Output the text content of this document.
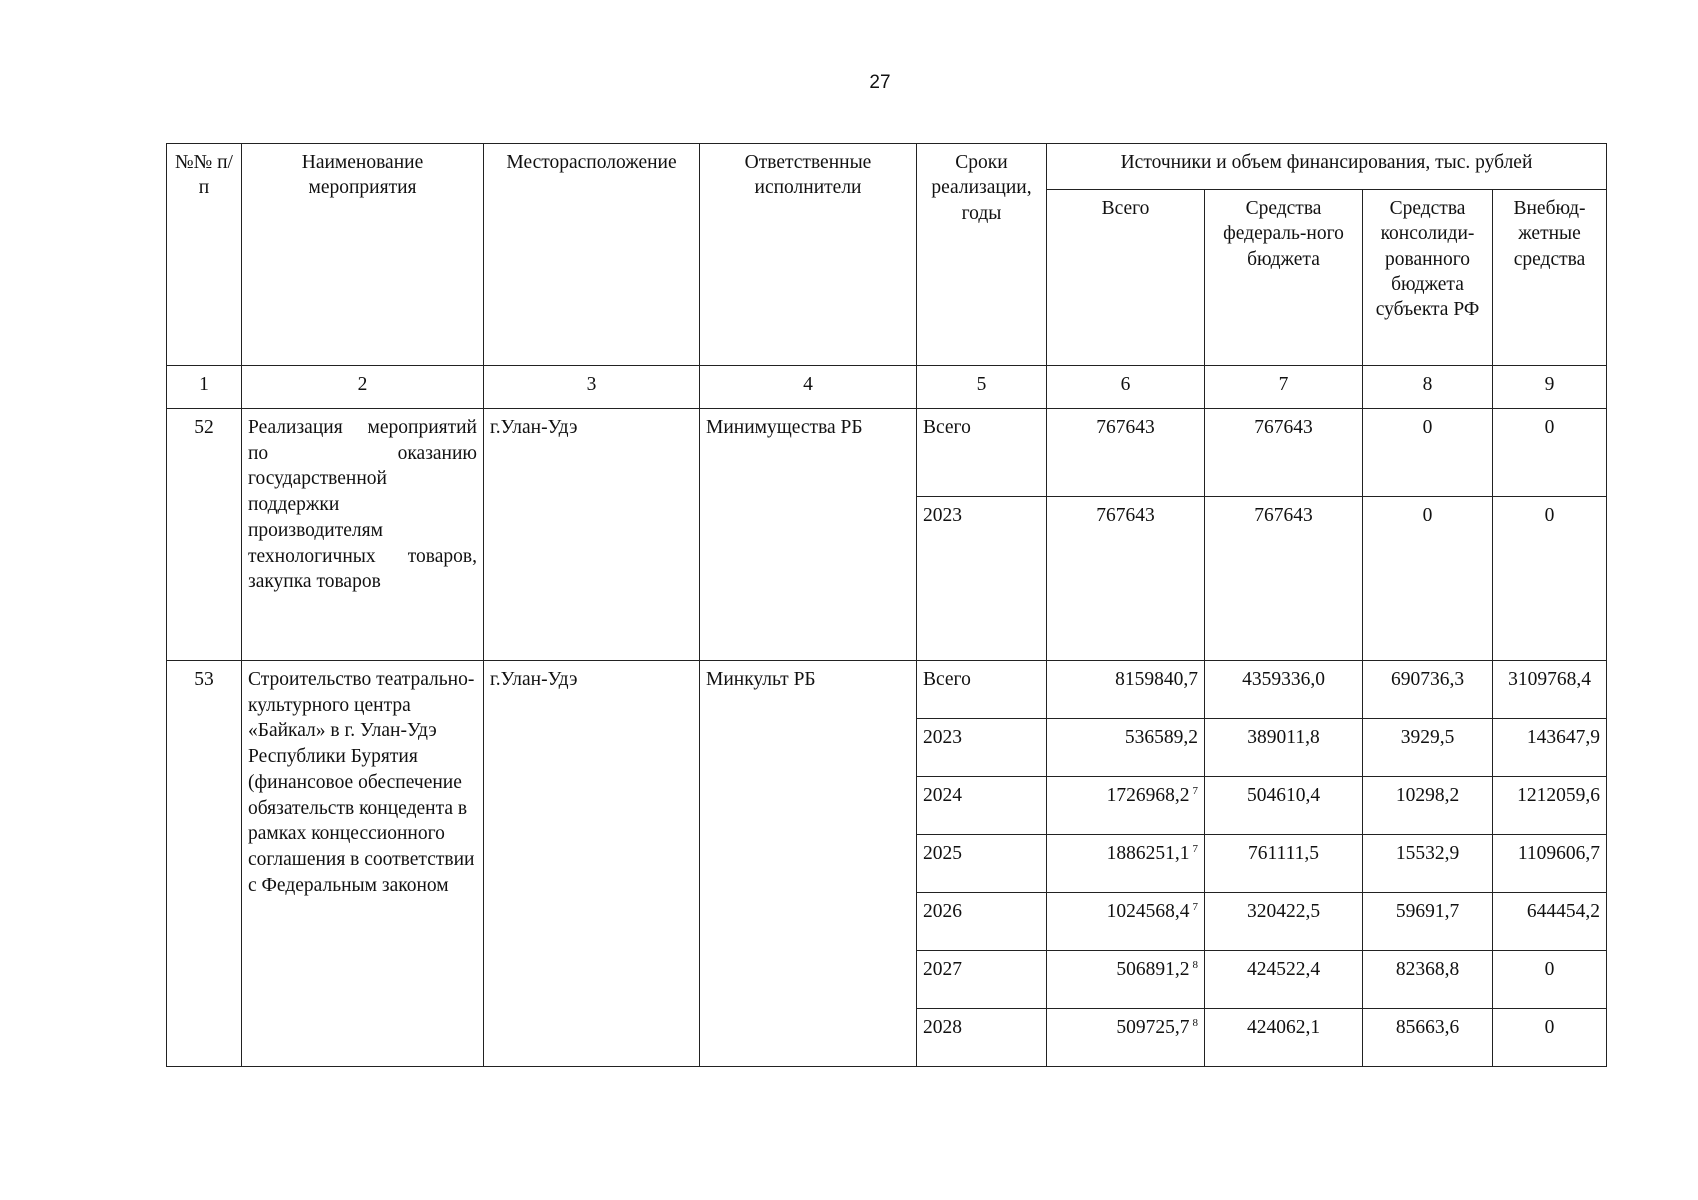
27
№№ п/п	Наименование мероприятия	Месторасположение	Ответственные исполнители	Сроки реализации, годы	Источники и объем финансирования, тыс. рублей			
					Всего	Средства федераль-ного бюджета	Средства консолиди-рованного бюджета субъекта РФ	Внебюд-жетные средства
1	2	3	4	5	6	7	8	9
52	Реализация мероприятий по оказанию государственной поддержки производителям технологичных товаров, закупка товаров	г.Улан-Удэ	Минимущества РБ	Всего	767643	767643	0	0
				2023	767643	767643	0	0
53	Строительство театрально-культурного центра «Байкал» в г. Улан-Удэ Республики Бурятия (финансовое обеспечение обязательств концедента в рамках концессионного соглашения в соответствии с Федеральным законом	г.Улан-Удэ	Минкульт РБ	Всего	8159840,7	4359336,0	690736,3	3109768,4
				2023	536589,2	389011,8	3929,5	143647,9
				2024	1726968,2 $^7$	504610,4	10298,2	1212059,6
				2025	1886251,1 $^7$	761111,5	15532,9	1109606,7
				2026	1024568,4 $^7$	320422,5	59691,7	644454,2
				2027	506891,2 $^8$	424522,4	82368,8	0
				2028	509725,7 $^8$	424062,1	85663,6	0
